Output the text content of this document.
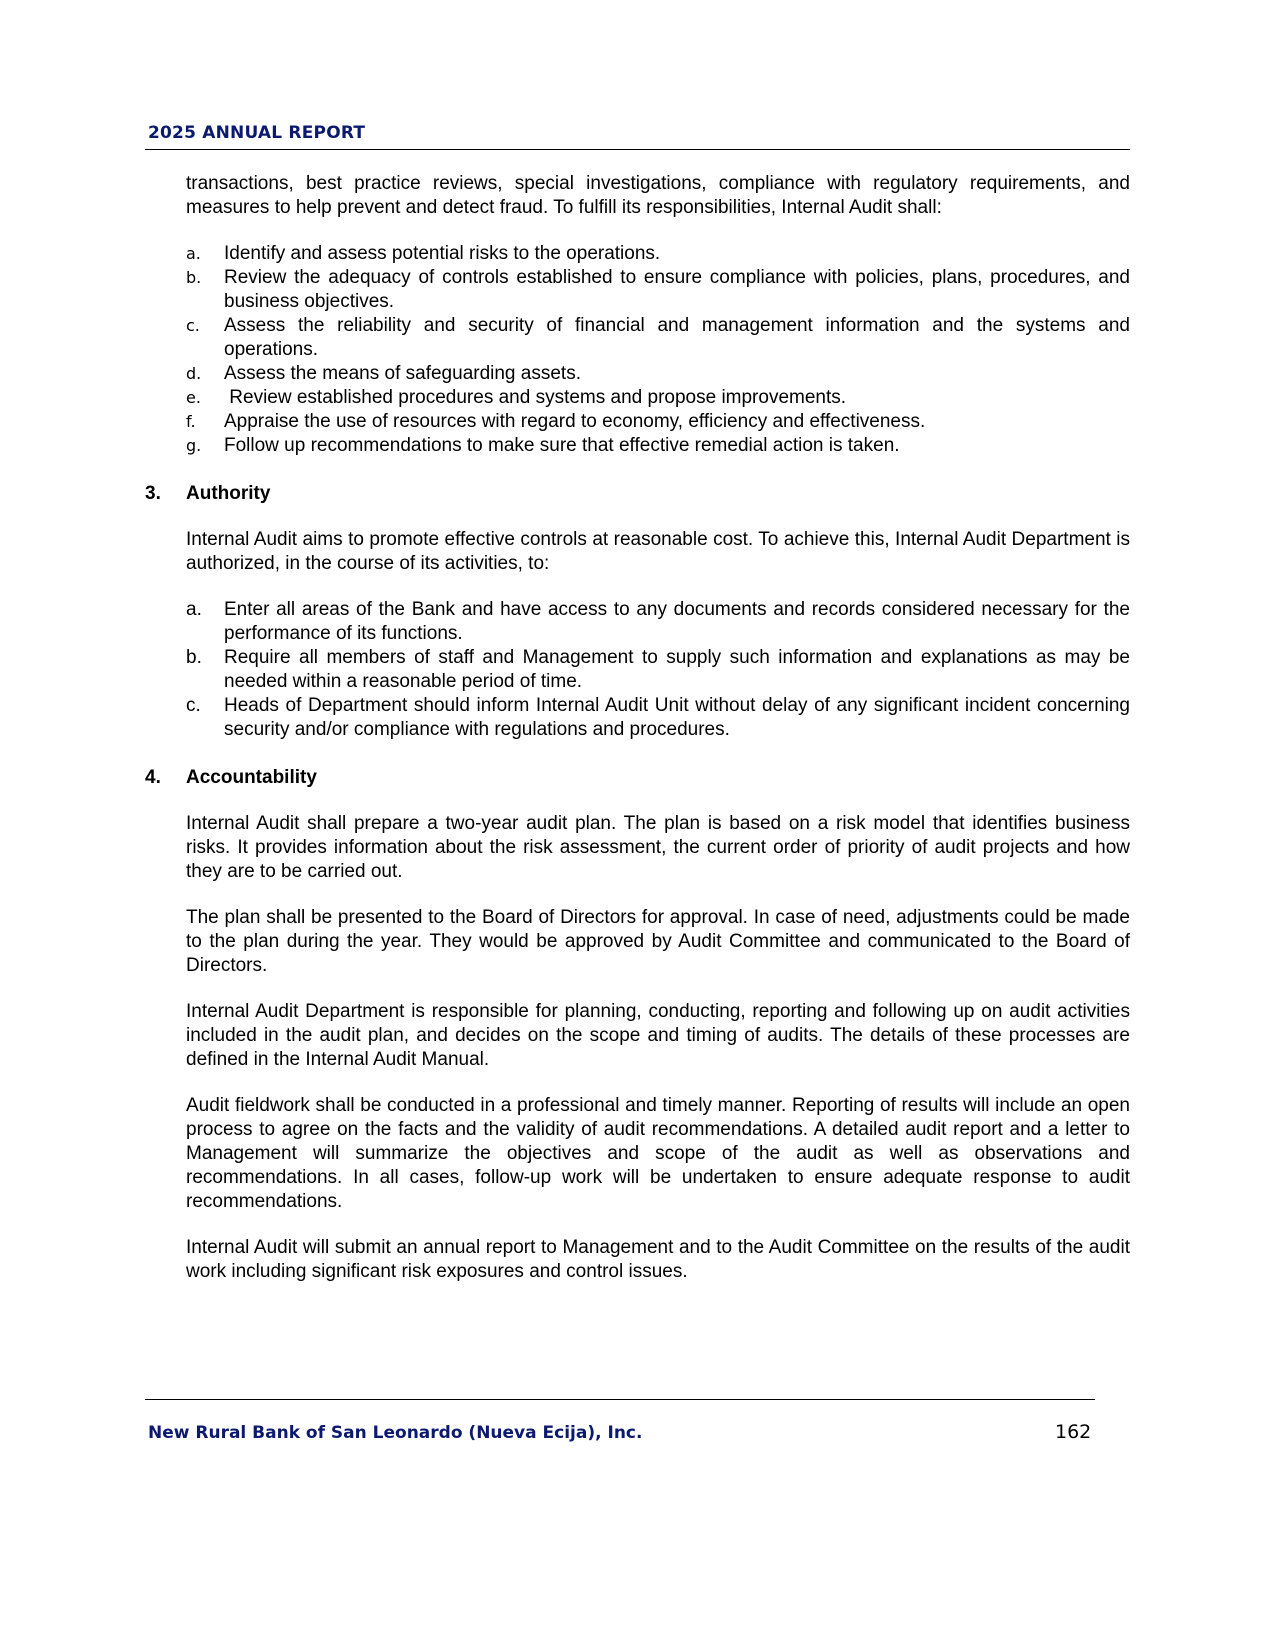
2025 ANNUAL REPORT

transactions, best practice reviews, special investigations, compliance with regulatory requirements, and measures to help prevent and detect fraud. To fulfill its responsibilities, Internal Audit shall:

a.	Identify and assess potential risks to the operations.
b.	Review the adequacy of controls established to ensure compliance with policies, plans, procedures, and business objectives.
c.	Assess the reliability and security of financial and management information and the systems and operations.
d.	Assess the means of safeguarding assets.
e.	Review established procedures and systems and propose improvements.
f.	Appraise the use of resources with regard to economy, efficiency and effectiveness.
g.	Follow up recommendations to make sure that effective remedial action is taken.
3.	Authority

Internal Audit aims to promote effective controls at reasonable cost. To achieve this, Internal Audit Department is authorized, in the course of its activities, to:

a.	Enter all areas of the Bank and have access to any documents and records considered necessary for the performance of its functions.
b.	Require all members of staff and Management to supply such information and explanations as may be needed within a reasonable period of time.
c.	Heads of Department should inform Internal Audit Unit without delay of any significant incident concerning security and/or compliance with regulations and procedures.
4.	Accountability

Internal Audit shall prepare a two-year audit plan. The plan is based on a risk model that identifies business risks. It provides information about the risk assessment, the current order of priority of audit projects and how they are to be carried out.

The plan shall be presented to the Board of Directors for approval. In case of need, adjustments could be made to the plan during the year. They would be approved by Audit Committee and communicated to the Board of Directors.

Internal Audit Department is responsible for planning, conducting, reporting and following up on audit activities included in the audit plan, and decides on the scope and timing of audits. The details of these processes are defined in the Internal Audit Manual.

Audit fieldwork shall be conducted in a professional and timely manner. Reporting of results will include an open process to agree on the facts and the validity of audit recommendations. A detailed audit report and a letter to Management will summarize the objectives and scope of the audit as well as observations and recommendations. In all cases, follow-up work will be undertaken to ensure adequate response to audit recommendations.

Internal Audit will submit an annual report to Management and to the Audit Committee on the results of the audit work including significant risk exposures and control issues.

New Rural Bank of San Leonardo (Nueva Ecija), Inc.	162
